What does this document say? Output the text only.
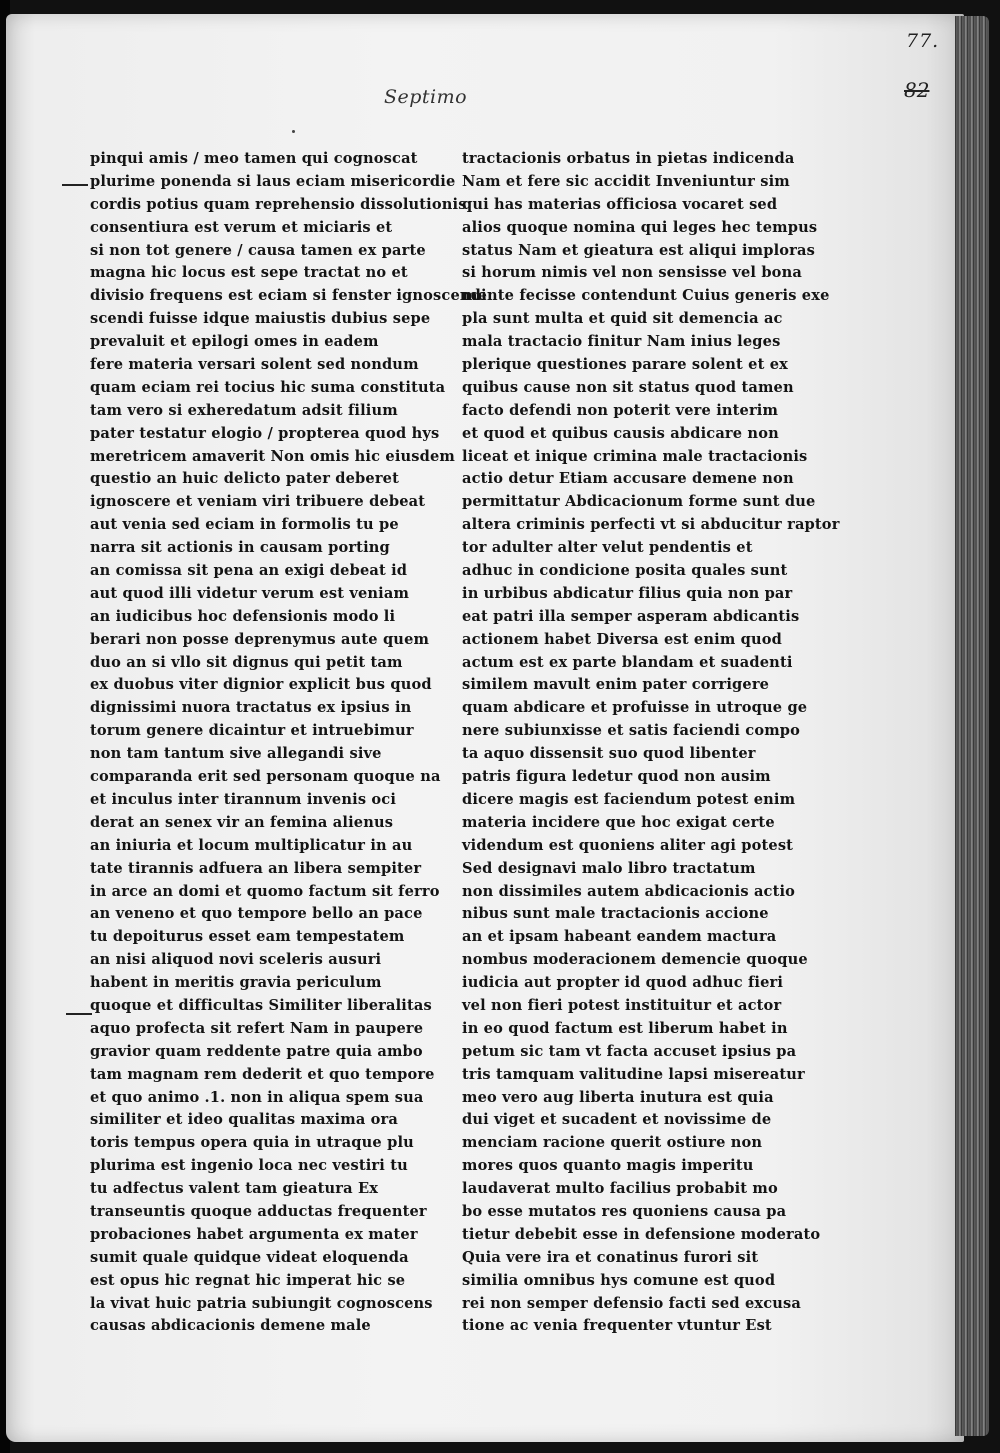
77.
82
Septimo
pinqui amis / meo tamen qui cognoscat
plurime ponenda si laus eciam misericordie
cordis potius quam reprehensio dissolutionis
consentiura est verum et miciaris et
si non tot genere / causa tamen ex parte
magna hic locus est sepe tractat no et
divisio frequens est eciam si fenster ignoscendi
scendi fuisse idque maiustis dubius sepe
prevaluit et epilogi omes in eadem
fere materia versari solent sed nondum
quam eciam rei tocius hic suma constituta
tam vero si exheredatum adsit filium
pater testatur elogio / propterea quod hys
meretricem amaverit Non omis hic eiusdem
questio an huic delicto pater deberet
ignoscere et veniam viri tribuere debeat
aut venia sed eciam in formolis tu pe
narra sit actionis in causam porting
an comissa sit pena an exigi debeat id
aut quod illi videtur verum est veniam
an iudicibus hoc defensionis modo li
berari non posse deprenymus aute quem
duo an si vllo sit dignus qui petit tam
ex duobus viter dignior explicit bus quod
dignissimi nuora tractatus ex ipsius in
torum genere dicaintur et intruebimur
non tam tantum sive allegandi sive
comparanda erit sed personam quoque na
et inculus inter tirannum invenis oci
derat an senex vir an femina alienus
an iniuria et locum multiplicatur in au
tate tirannis adfuera an libera sempiter
in arce an domi et quomo factum sit ferro
an veneno et quo tempore bello an pace
tu depoiturus esset eam tempestatem
an nisi aliquod novi sceleris ausuri
habent in meritis gravia periculum
quoque et difficultas Similiter liberalitas
aquo profecta sit refert Nam in paupere
gravior quam reddente patre quia ambo
tam magnam rem dederit et quo tempore
et quo animo .1. non in aliqua spem sua
similiter et ideo qualitas maxima ora
toris tempus opera quia in utraque plu
plurima est ingenio loca nec vestiri tu
tu adfectus valent tam gieatura Ex
transeuntis quoque adductas frequenter
probaciones habet argumenta ex mater
sumit quale quidque videat eloquenda
est opus hic regnat hic imperat hic se
la vivat huic patria subiungit cognoscens
causas abdicacionis demene male
tractacionis orbatus in pietas indicenda
Nam et fere sic accidit Inveniuntur sim
qui has materias officiosa vocaret sed
alios quoque nomina qui leges hec tempus
status Nam et gieatura est aliqui imploras
si horum nimis vel non sensisse vel bona
mente fecisse contendunt Cuius generis exe
pla sunt multa et quid sit demencia ac
mala tractacio finitur Nam inius leges
plerique questiones parare solent et ex
quibus cause non sit status quod tamen
facto defendi non poterit vere interim
et quod et quibus causis abdicare non
liceat et inique crimina male tractacionis
actio detur Etiam accusare demene non
permittatur Abdicacionum forme sunt due
altera criminis perfecti vt si abducitur raptor
tor adulter alter velut pendentis et
adhuc in condicione posita quales sunt
in urbibus abdicatur filius quia non par
eat patri illa semper asperam abdicantis
actionem habet Diversa est enim quod
actum est ex parte blandam et suadenti
similem mavult enim pater corrigere
quam abdicare et profuisse in utroque ge
nere subiunxisse et satis faciendi compo
ta aquo dissensit suo quod libenter
patris figura ledetur quod non ausim
dicere magis est faciendum potest enim
materia incidere que hoc exigat certe
videndum est quoniens aliter agi potest
Sed designavi malo libro tractatum
non dissimiles autem abdicacionis actio
nibus sunt male tractacionis accione
an et ipsam habeant eandem mactura
nombus moderacionem demencie quoque
iudicia aut propter id quod adhuc fieri
vel non fieri potest instituitur et actor
in eo quod factum est liberum habet in
petum sic tam vt facta accuset ipsius pa
tris tamquam valitudine lapsi misereatur
meo vero aug liberta inutura est quia
dui viget et sucadent et novissime de
menciam racione querit ostiure non
mores quos quanto magis imperitu
laudaverat multo facilius probabit mo
bo esse mutatos res quoniens causa pa
tietur debebit esse in defensione moderato
Quia vere ira et conatinus furori sit
similia omnibus hys comune est quod
rei non semper defensio facti sed excusa
tione ac venia frequenter vtuntur Est
